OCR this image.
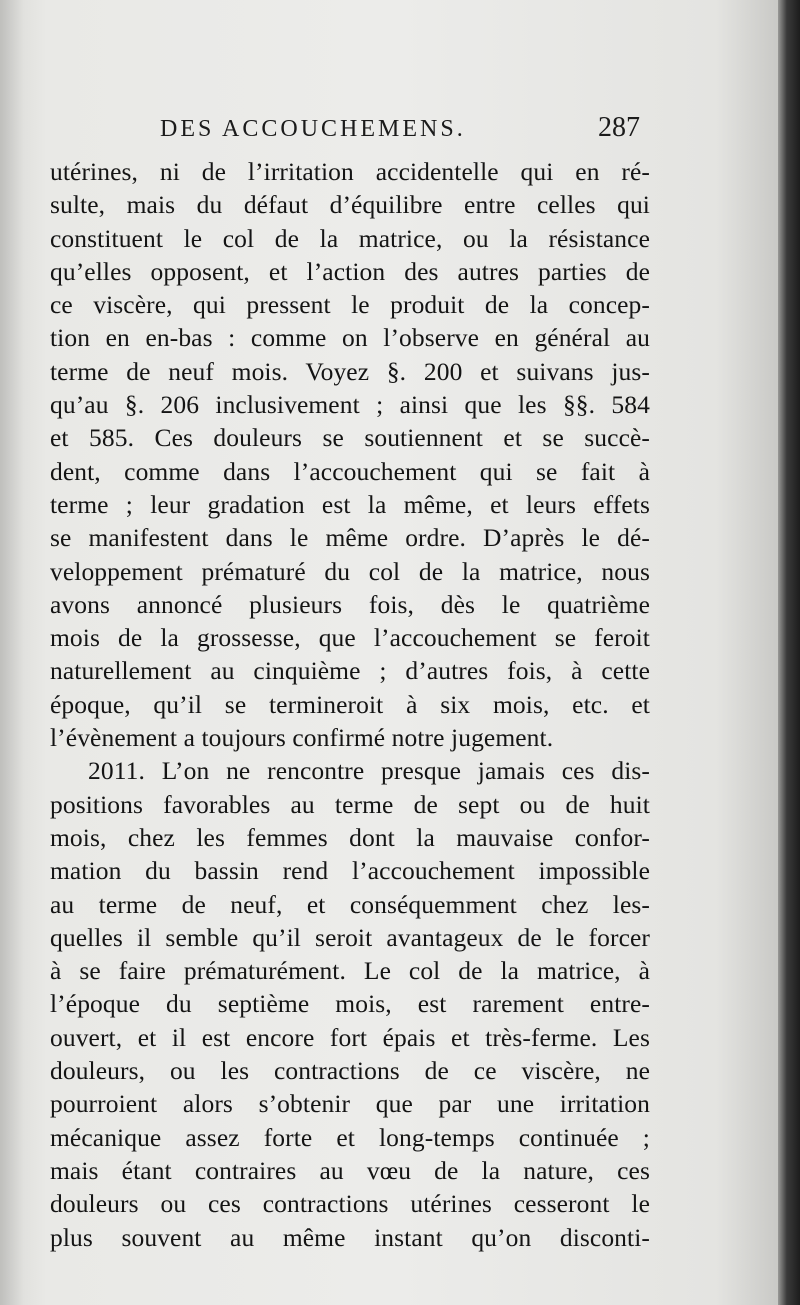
DES ACCOUCHEMENS.	287
utérines, ni de l’irritation accidentelle qui en ré-
sulte, mais du défaut d’équilibre entre celles qui
constituent le col de la matrice, ou la résistance
qu’elles opposent, et l’action des autres parties de
ce viscère, qui pressent le produit de la concep-
tion en en-bas : comme on l’observe en général au
terme de neuf mois. Voyez §. 200 et suivans jus-
qu’au §. 206 inclusivement ; ainsi que les §§. 584
et 585. Ces douleurs se soutiennent et se succè-
dent, comme dans l’accouchement qui se fait à
terme ; leur gradation est la même, et leurs effets
se manifestent dans le même ordre. D’après le dé-
veloppement prématuré du col de la matrice, nous
avons annoncé plusieurs fois, dès le quatrième
mois de la grossesse, que l’accouchement se feroit
naturellement au cinquième ; d’autres fois, à cette
époque, qu’il se termineroit à six mois, etc. et
l’évènement a toujours confirmé notre jugement.
2011. L’on ne rencontre presque jamais ces dis-
positions favorables au terme de sept ou de huit
mois, chez les femmes dont la mauvaise confor-
mation du bassin rend l’accouchement impossible
au terme de neuf, et conséquemment chez les-
quelles il semble qu’il seroit avantageux de le forcer
à se faire prématurément. Le col de la matrice, à
l’époque du septième mois, est rarement entre-
ouvert, et il est encore fort épais et très-ferme. Les
douleurs, ou les contractions de ce viscère, ne
pourroient alors s’obtenir que par une irritation
mécanique assez forte et long-temps continuée ;
mais étant contraires au vœu de la nature, ces
douleurs ou ces contractions utérines cesseront le
plus souvent au même instant qu’on disconti-
